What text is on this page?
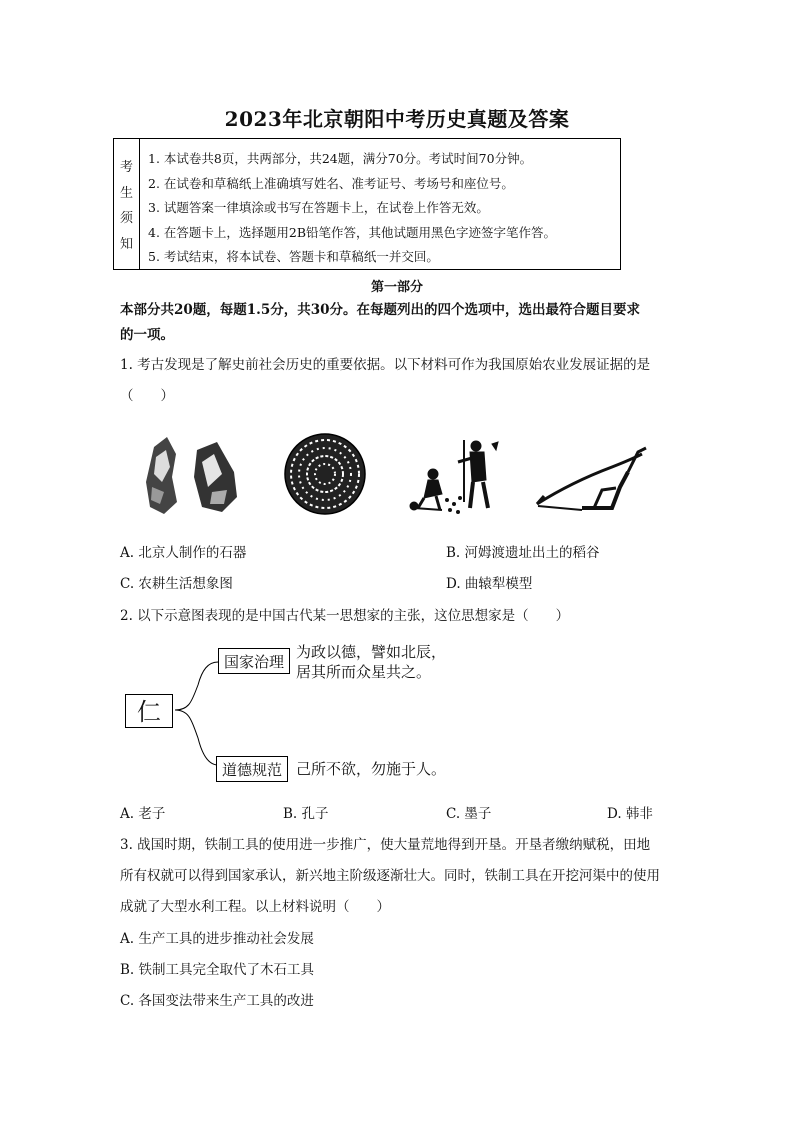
2023年北京朝阳中考历史真题及答案
考
生
须
知
1. 本试卷共8页，共两部分，共24题，满分70分。考试时间70分钟。
2. 在试卷和草稿纸上准确填写姓名、准考证号、考场号和座位号。
3. 试题答案一律填涂或书写在答题卡上，在试卷上作答无效。
4. 在答题卡上，选择题用2B铅笔作答，其他试题用黑色字迹签字笔作答。
5. 考试结束，将本试卷、答题卡和草稿纸一并交回。
第一部分
本部分共20题，每题1.5分，共30分。在每题列出的四个选项中，选出最符合题目要求
的一项。
1. 考古发现是了解史前社会历史的重要依据。以下材料可作为我国原始农业发展证据的是
（　　）
A. 北京人制作的石器	B. 河姆渡遗址出土的稻谷
C. 农耕生活想象图	D. 曲辕犁模型
2. 以下示意图表现的是中国古代某一思想家的主张，这位思想家是（　　）
仁
国家治理
为政以德，譬如北辰，
居其所而众星共之。
道德规范 己所不欲，勿施于人。
A. 老子	B. 孔子	C. 墨子	D. 韩非
3. 战国时期，铁制工具的使用进一步推广，使大量荒地得到开垦。开垦者缴纳赋税，田地
所有权就可以得到国家承认，新兴地主阶级逐渐壮大。同时，铁制工具在开挖河渠中的使用
成就了大型水利工程。以上材料说明（　　）
A. 生产工具的进步推动社会发展
B. 铁制工具完全取代了木石工具
C. 各国变法带来生产工具的改进
